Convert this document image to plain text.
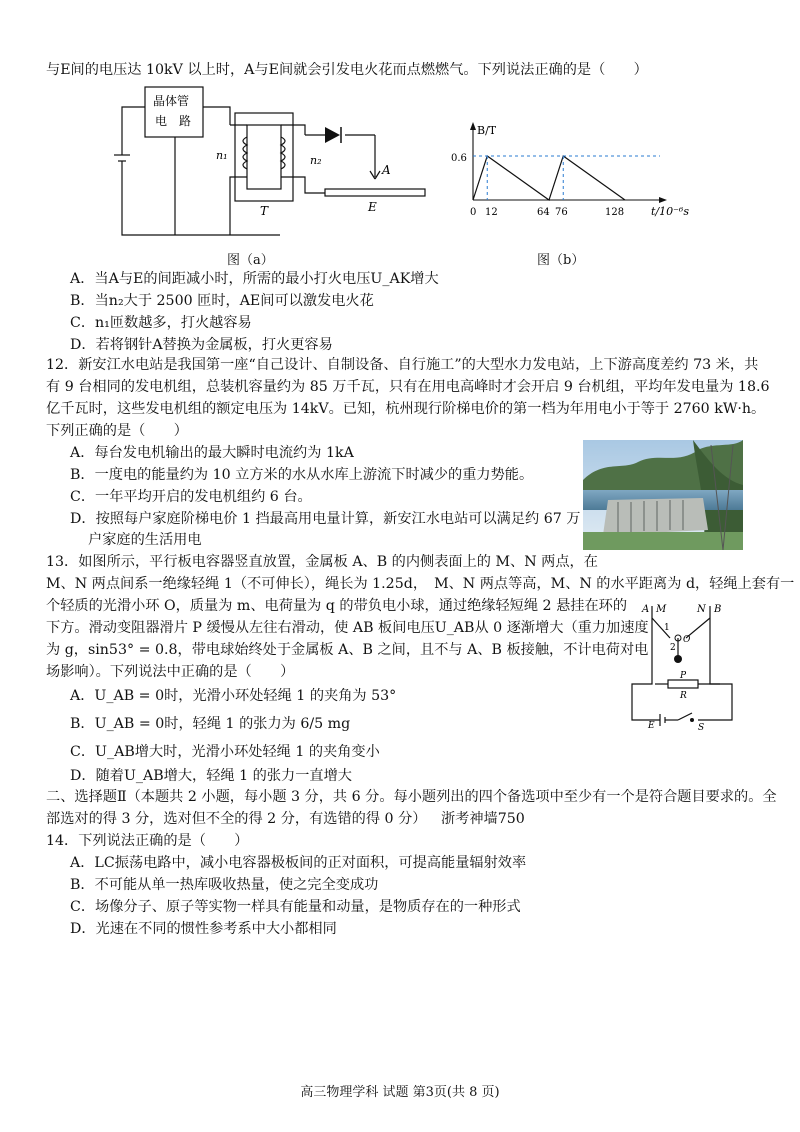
与E间的电压达 10kV 以上时，A与E间就会引发电火花而点燃燃气。下列说法正确的是（　　）
晶体管
电　路
n₁	n₂
T
A
E
图（a）
B/T
t/10⁻⁶s
0.6
0 12	64 76	128
图（b）
A．当A与E的间距减小时，所需的最小打火电压U_AK增大
B．当n₂大于 2500 匝时，AE间可以激发电火花
C．n₁匝数越多，打火越容易
D．若将钢针A替换为金属板，打火更容易
12．新安江水电站是我国第一座“自己设计、自制设备、自行施工”的大型水力发电站，上下游高度差约 73 米，共
有 9 台相同的发电机组，总装机容量约为 85 万千瓦，只有在用电高峰时才会开启 9 台机组，平均年发电量为 18.6
亿千瓦时，这些发电机组的额定电压为 14kV。已知，杭州现行阶梯电价的第一档为年用电小于等于 2760 kW·h。
下列正确的是（　　）
A．每台发电机输出的最大瞬时电流约为 1kA
B．一度电的能量约为 10 立方米的水从水库上游流下时减少的重力势能。
C．一年平均开启的发电机组约 6 台。
D．按照每户家庭阶梯电价 1 挡最高用电量计算，新安江水电站可以满足约 67 万
户家庭的生活用电
13．如图所示，平行板电容器竖直放置，金属板 A、B 的内侧表面上的 M、N 两点，在
M、N 两点间系一绝缘轻绳 1（不可伸长），绳长为 1.25d，　M、N 两点等高，M、N 的水平距离为 d，轻绳上套有一
个轻质的光滑小环 O，质量为 m、电荷量为 q 的带负电小球，通过绝缘轻短绳 2 悬挂在环的
下方。滑动变阻器滑片 P 缓慢从左往右滑动，使 AB 板间电压U_AB从 0 逐渐增大（重力加速度
为 g，sin53° = 0.8，带电球始终处于金属板 A、B 之间，且不与 A、B 板接触，不计电荷对电
场影响）。下列说法中正确的是（　　）
A．U_AB = 0时，光滑小环处轻绳 1 的夹角为 53°
B．U_AB = 0时，轻绳 1 的张力为 6/5 mg
C．U_AB增大时，光滑小环处轻绳 1 的夹角变小
D．随着U_AB增大，轻绳 1 的张力一直增大
A M	N B
1
2
O
P
R
E	S
二、选择题Ⅱ（本题共 2 小题，每小题 3 分，共 6 分。每小题列出的四个备选项中至少有一个是符合题目要求的。全
部选对的得 3 分，选对但不全的得 2 分，有选错的得 0 分） 浙考神墙750
14．下列说法正确的是（　　）
A．LC振荡电路中，减小电容器极板间的正对面积，可提高能量辐射效率
B．不可能从单一热库吸收热量，使之完全变成功
C．场像分子、原子等实物一样具有能量和动量，是物质存在的一种形式
D．光速在不同的惯性参考系中大小都相同
高三物理学科 试题 第3页(共 8 页)
